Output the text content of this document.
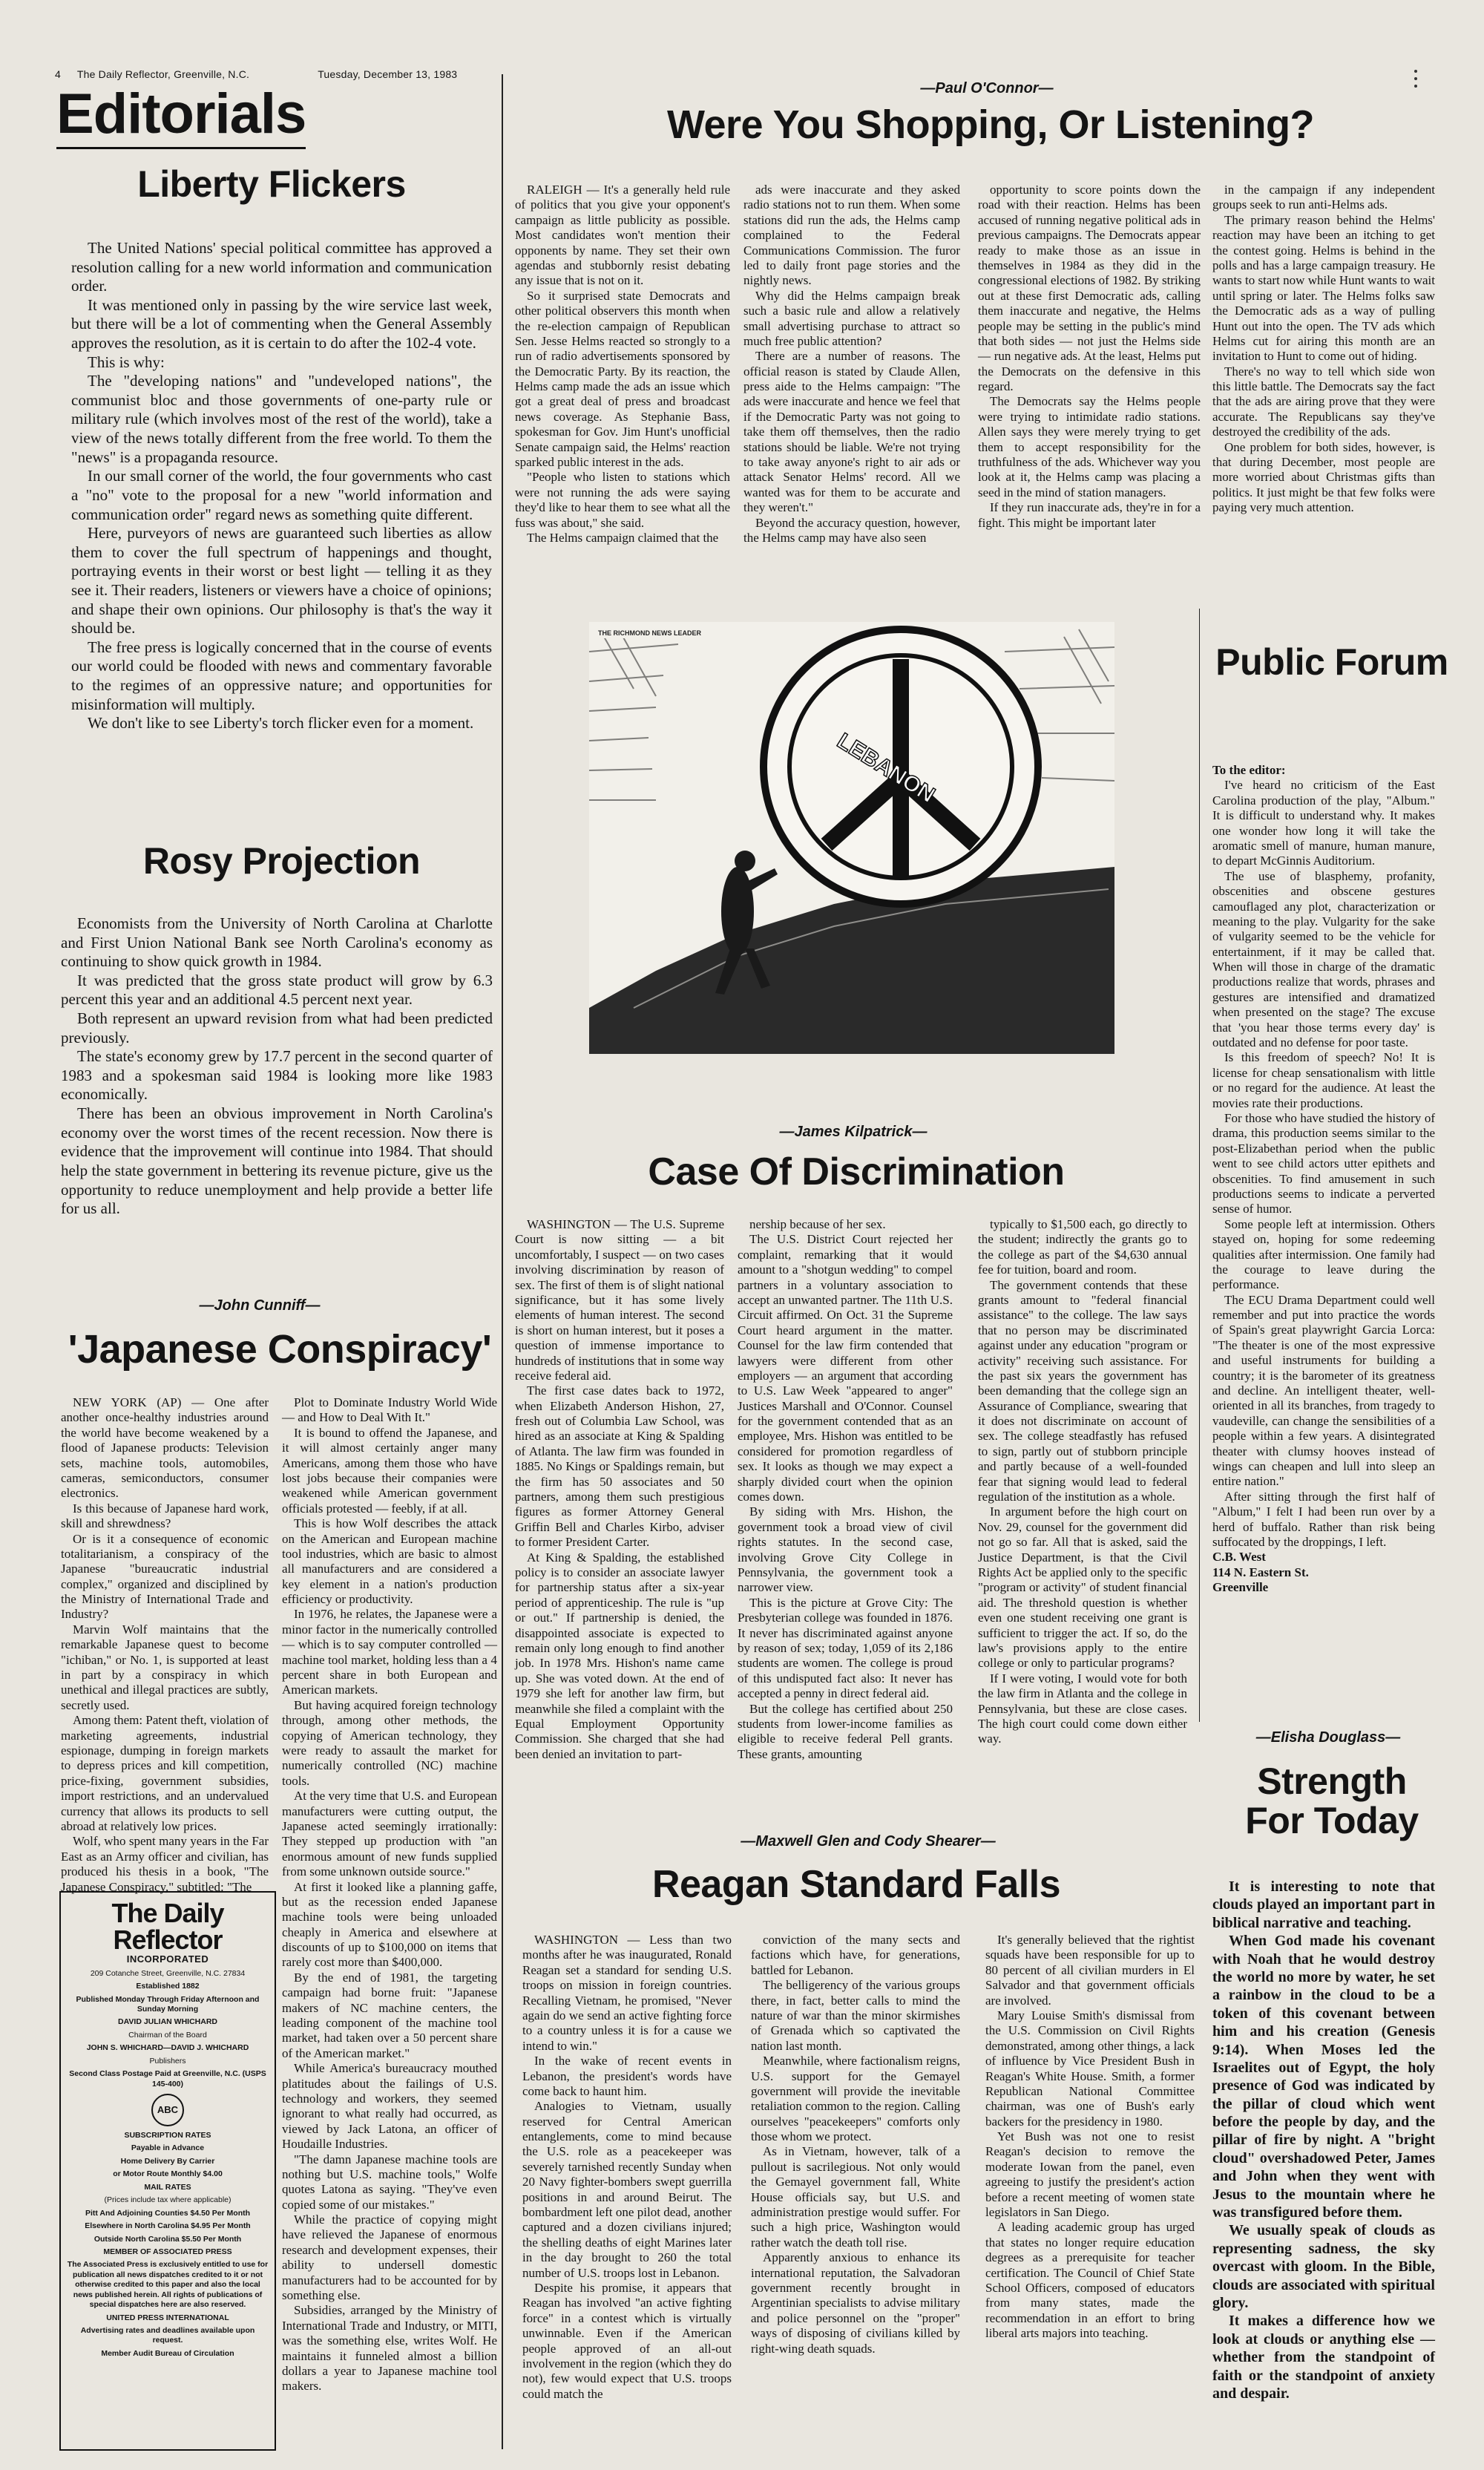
4 The Daily Reflector, Greenville, N.C.	Tuesday, December 13, 1983
Editorials
Liberty Flickers

The United Nations' special political committee has approved a resolution calling for a new world information and communication order.

It was mentioned only in passing by the wire service last week, but there will be a lot of commenting when the General Assembly approves the resolution, as it is certain to do after the 102-4 vote.

This is why:

The "developing nations" and "undeveloped nations", the communist bloc and those governments of one-party rule or military rule (which involves most of the rest of the world), take a view of the news totally different from the free world. To them the "news" is a propaganda resource.

In our small corner of the world, the four governments who cast a "no" vote to the proposal for a new "world information and communication order" regard news as something quite different.

Here, purveyors of news are guaranteed such liberties as allow them to cover the full spectrum of happenings and thought, portraying events in their worst or best light — telling it as they see it. Their readers, listeners or viewers have a choice of opinions; and shape their own opinions. Our philosophy is that's the way it should be.

The free press is logically concerned that in the course of events our world could be flooded with news and commentary favorable to the regimes of an oppressive nature; and opportunities for misinformation will multiply.

We don't like to see Liberty's torch flicker even for a moment.

Rosy Projection

Economists from the University of North Carolina at Charlotte and First Union National Bank see North Carolina's economy as continuing to show quick growth in 1984.

It was predicted that the gross state product will grow by 6.3 percent this year and an additional 4.5 percent next year.

Both represent an upward revision from what had been predicted previously.

The state's economy grew by 17.7 percent in the second quarter of 1983 and a spokesman said 1984 is looking more like 1983 economically.

There has been an obvious improvement in North Carolina's economy over the worst times of the recent recession. Now there is evidence that the improvement will continue into 1984. That should help the state government in bettering its revenue picture, give us the opportunity to reduce unemployment and help provide a better life for us all.

—Paul O'Connor—
Were You Shopping, Or Listening?

RALEIGH — It's a generally held rule of politics that you give your opponent's campaign as little publicity as possible. Most candidates won't mention their opponents by name. They set their own agendas and stubbornly resist debating any issue that is not on it.

So it surprised state Democrats and other political observers this month when the re-election campaign of Republican Sen. Jesse Helms reacted so strongly to a run of radio advertisements sponsored by the Democratic Party. By its reaction, the Helms camp made the ads an issue which got a great deal of press and broadcast news coverage. As Stephanie Bass, spokesman for Gov. Jim Hunt's unofficial Senate campaign said, the Helms' reaction sparked public interest in the ads.

"People who listen to stations which were not running the ads were saying they'd like to hear them to see what all the fuss was about," she said.

The Helms campaign claimed that the

ads were inaccurate and they asked radio stations not to run them. When some stations did run the ads, the Helms camp complained to the Federal Communications Commission. The furor led to daily front page stories and the nightly news.

Why did the Helms campaign break such a basic rule and allow a relatively small advertising purchase to attract so much free public attention?

There are a number of reasons. The official reason is stated by Claude Allen, press aide to the Helms campaign: "The ads were inaccurate and hence we feel that if the Democratic Party was not going to take them off themselves, then the radio stations should be liable. We're not trying to take away anyone's right to air ads or attack Senator Helms' record. All we wanted was for them to be accurate and they weren't."

Beyond the accuracy question, however, the Helms camp may have also seen

opportunity to score points down the road with their reaction. Helms has been accused of running negative political ads in previous campaigns. The Democrats appear ready to make those as an issue in themselves in 1984 as they did in the congressional elections of 1982. By striking out at these first Democratic ads, calling them inaccurate and negative, the Helms people may be setting in the public's mind that both sides — not just the Helms side — run negative ads. At the least, Helms put the Democrats on the defensive in this regard.

The Democrats say the Helms people were trying to intimidate radio stations. Allen says they were merely trying to get them to accept responsibility for the truthfulness of the ads. Whichever way you look at it, the Helms camp was placing a seed in the mind of station managers.

If they run inaccurate ads, they're in for a fight. This might be important later

in the campaign if any independent groups seek to run anti-Helms ads.

The primary reason behind the Helms' reaction may have been an itching to get the contest going. Helms is behind in the polls and has a large campaign treasury. He wants to start now while Hunt wants to wait until spring or later. The Helms folks saw the Democratic ads as a way of pulling Hunt out into the open. The TV ads which Helms cut for airing this month are an invitation to Hunt to come out of hiding.

There's no way to tell which side won this little battle. The Democrats say the fact that the ads are airing prove that they were accurate. The Republicans say they've destroyed the credibility of the ads.

One problem for both sides, however, is that during December, most people are more worried about Christmas gifts than politics. It just might be that few folks were paying very much attention.

LEBANON
THE RICHMOND NEWS LEADER
Public Forum

To the editor:

I've heard no criticism of the East Carolina production of the play, "Album." It is difficult to understand why. It makes one wonder how long it will take the aromatic smell of manure, human manure, to depart McGinnis Auditorium.

The use of blasphemy, profanity, obscenities and obscene gestures camouflaged any plot, characterization or meaning to the play. Vulgarity for the sake of vulgarity seemed to be the vehicle for entertainment, if it may be called that. When will those in charge of the dramatic productions realize that words, phrases and gestures are intensified and dramatized when presented on the stage? The excuse that 'you hear those terms every day' is outdated and no defense for poor taste.

Is this freedom of speech? No! It is license for cheap sensationalism with little or no regard for the audience. At least the movies rate their productions.

For those who have studied the history of drama, this production seems similar to the post-Elizabethan period when the public went to see child actors utter epithets and obscenities. To find amusement in such productions seems to indicate a perverted sense of humor.

Some people left at intermission. Others stayed on, hoping for some redeeming qualities after intermission. One family had the courage to leave during the performance.

The ECU Drama Department could well remember and put into practice the words of Spain's great playwright Garcia Lorca: "The theater is one of the most expressive and useful instruments for building a country; it is the barometer of its greatness and decline. An intelligent theater, well-oriented in all its branches, from tragedy to vaudeville, can change the sensibilities of a people within a few years. A disintegrated theater with clumsy hooves instead of wings can cheapen and lull into sleep an entire nation."

After sitting through the first half of "Album," I felt I had been run over by a herd of buffalo. Rather than risk being suffocated by the droppings, I left.

C.B. West

114 N. Eastern St.

Greenville

—James Kilpatrick—
Case Of Discrimination

WASHINGTON — The U.S. Supreme Court is now sitting — a bit uncomfortably, I suspect — on two cases involving discrimination by reason of sex. The first of them is of slight national significance, but it has some lively elements of human interest. The second is short on human interest, but it poses a question of immense importance to hundreds of institutions that in some way receive federal aid.

The first case dates back to 1972, when Elizabeth Anderson Hishon, 27, fresh out of Columbia Law School, was hired as an associate at King & Spalding of Atlanta. The law firm was founded in 1885. No Kings or Spaldings remain, but the firm has 50 associates and 50 partners, among them such prestigious figures as former Attorney General Griffin Bell and Charles Kirbo, adviser to former President Carter.

At King & Spalding, the established policy is to consider an associate lawyer for partnership status after a six-year period of apprenticeship. The rule is "up or out." If partnership is denied, the disappointed associate is expected to remain only long enough to find another job. In 1978 Mrs. Hishon's name came up. She was voted down. At the end of 1979 she left for another law firm, but meanwhile she filed a complaint with the Equal Employment Opportunity Commission. She charged that she had been denied an invitation to part-

nership because of her sex.

The U.S. District Court rejected her complaint, remarking that it would amount to a "shotgun wedding" to compel partners in a voluntary association to accept an unwanted partner. The 11th U.S. Circuit affirmed. On Oct. 31 the Supreme Court heard argument in the matter. Counsel for the law firm contended that lawyers were different from other employers — an argument that according to U.S. Law Week "appeared to anger" Justices Marshall and O'Connor. Counsel for the government contended that as an employee, Mrs. Hishon was entitled to be considered for promotion regardless of sex. It looks as though we may expect a sharply divided court when the opinion comes down.

By siding with Mrs. Hishon, the government took a broad view of civil rights statutes. In the second case, involving Grove City College in Pennsylvania, the government took a narrower view.

This is the picture at Grove City: The Presbyterian college was founded in 1876. It never has discriminated against anyone by reason of sex; today, 1,059 of its 2,186 students are women. The college is proud of this undisputed fact also: It never has accepted a penny in direct federal aid.

But the college has certified about 250 students from lower-income families as eligible to receive federal Pell grants. These grants, amounting

typically to $1,500 each, go directly to the student; indirectly the grants go to the college as part of the $4,630 annual fee for tuition, board and room.

The government contends that these grants amount to "federal financial assistance" to the college. The law says that no person may be discriminated against under any education "program or activity" receiving such assistance. For the past six years the government has been demanding that the college sign an Assurance of Compliance, swearing that it does not discriminate on account of sex. The college steadfastly has refused to sign, partly out of stubborn principle and partly because of a well-founded fear that signing would lead to federal regulation of the institution as a whole.

In argument before the high court on Nov. 29, counsel for the government did not go so far. All that is asked, said the Justice Department, is that the Civil Rights Act be applied only to the specific "program or activity" of student financial aid. The threshold question is whether even one student receiving one grant is sufficient to trigger the act. If so, do the law's provisions apply to the entire college or only to particular programs?

If I were voting, I would vote for both the law firm in Atlanta and the college in Pennsylvania, but these are close cases. The high court could come down either way.

—John Cunniff—
'Japanese Conspiracy'

NEW YORK (AP) — One after another once-healthy industries around the world have become weakened by a flood of Japanese products: Television sets, machine tools, automobiles, cameras, semiconductors, consumer electronics.

Is this because of Japanese hard work, skill and shrewdness?

Or is it a consequence of economic totalitarianism, a conspiracy of the Japanese "bureaucratic industrial complex," organized and disciplined by the Ministry of International Trade and Industry?

Marvin Wolf maintains that the remarkable Japanese quest to become "ichiban," or No. 1, is supported at least in part by a conspiracy in which unethical and illegal practices are subtly, secretly used.

Among them: Patent theft, violation of marketing agreements, industrial espionage, dumping in foreign markets to depress prices and kill competition, price-fixing, government subsidies, import restrictions, and an undervalued currency that allows its products to sell abroad at relatively low prices.

Wolf, who spent many years in the Far East as an Army officer and civilian, has produced his thesis in a book, "The Japanese Conspiracy," subtitled: "The

Plot to Dominate Industry World Wide — and How to Deal With It."

It is bound to offend the Japanese, and it will almost certainly anger many Americans, among them those who have lost jobs because their companies were weakened while American government officials protested — feebly, if at all.

This is how Wolf describes the attack on the American and European machine tool industries, which are basic to almost all manufacturers and are considered a key element in a nation's production efficiency or productivity.

In 1976, he relates, the Japanese were a minor factor in the numerically controlled — which is to say computer controlled — machine tool market, holding less than a 4 percent share in both European and American markets.

But having acquired foreign technology through, among other methods, the copying of American technology, they were ready to assault the market for numerically controlled (NC) machine tools.

At the very time that U.S. and European manufacturers were cutting output, the Japanese acted seemingly irrationally: They stepped up production with "an enormous amount of new funds supplied from some unknown outside source."

At first it looked like a planning gaffe, but as the recession ended Japanese machine tools were being unloaded cheaply in America and elsewhere at discounts of up to $100,000 on items that rarely cost more than $400,000.

By the end of 1981, the targeting campaign had borne fruit: "Japanese makers of NC machine centers, the leading component of the machine tool market, had taken over a 50 percent share of the American market."

While America's bureaucracy mouthed platitudes about the failings of U.S. technology and workers, they seemed ignorant to what really had occurred, as viewed by Jack Latona, an officer of Houdaille Industries.

"The damn Japanese machine tools are nothing but U.S. machine tools," Wolfe quotes Latona as saying. "They've even copied some of our mistakes."

While the practice of copying might have relieved the Japanese of enormous research and development expenses, their ability to undersell domestic manufacturers had to be accounted for by something else.

Subsidies, arranged by the Ministry of International Trade and Industry, or MITI, was the something else, writes Wolf. He maintains it funneled almost a billion dollars a year to Japanese machine tool makers.

The Daily Reflector
INCORPORATED

209 Cotanche Street, Greenville, N.C. 27834

Established 1882

Published Monday Through Friday Afternoon and Sunday Morning

DAVID JULIAN WHICHARD

Chairman of the Board

JOHN S. WHICHARD—DAVID J. WHICHARD

Publishers

Second Class Postage Paid at Greenville, N.C. (USPS 145-400)

ABC

SUBSCRIPTION RATES

Payable in Advance

Home Delivery By Carrier

or Motor Route Monthly $4.00

MAIL RATES

(Prices include tax where applicable)

Pitt And Adjoining Counties $4.50 Per Month

Elsewhere in North Carolina $4.95 Per Month

Outside North Carolina $5.50 Per Month

MEMBER OF ASSOCIATED PRESS

The Associated Press is exclusively entitled to use for publication all news dispatches credited to it or not otherwise credited to this paper and also the local news published herein. All rights of publications of special dispatches here are also reserved.

UNITED PRESS INTERNATIONAL

Advertising rates and deadlines available upon request.

Member Audit Bureau of Circulation

—Elisha Douglass—
Strength
For Today

It is interesting to note that clouds played an important part in biblical narrative and teaching.

When God made his covenant with Noah that he would destroy the world no more by water, he set a rainbow in the cloud to be a token of this covenant between him and his creation (Genesis 9:14). When Moses led the Israelites out of Egypt, the holy presence of God was indicated by the pillar of cloud which went before the people by day, and the pillar of fire by night. A "bright cloud" overshadowed Peter, James and John when they went with Jesus to the mountain where he was transfigured before them.

We usually speak of clouds as representing sadness, the sky overcast with gloom. In the Bible, clouds are associated with spiritual glory.

It makes a difference how we look at clouds or anything else — whether from the standpoint of faith or the standpoint of anxiety and despair.

—Maxwell Glen and Cody Shearer—
Reagan Standard Falls

WASHINGTON — Less than two months after he was inaugurated, Ronald Reagan set a standard for sending U.S. troops on mission in foreign countries. Recalling Vietnam, he promised, "Never again do we send an active fighting force to a country unless it is for a cause we intend to win."

In the wake of recent events in Lebanon, the president's words have come back to haunt him.

Analogies to Vietnam, usually reserved for Central American entanglements, come to mind because the U.S. role as a peacekeeper was severely tarnished recently Sunday when 20 Navy fighter-bombers swept guerrilla positions in and around Beirut. The bombardment left one pilot dead, another captured and a dozen civilians injured; the shelling deaths of eight Marines later in the day brought to 260 the total number of U.S. troops lost in Lebanon.

Despite his promise, it appears that Reagan has involved "an active fighting force" in a contest which is virtually unwinnable. Even if the American people approved of an all-out involvement in the region (which they do not), few would expect that U.S. troops could match the

conviction of the many sects and factions which have, for generations, battled for Lebanon.

The belligerency of the various groups there, in fact, better calls to mind the nature of war than the minor skirmishes of Grenada which so captivated the nation last month.

Meanwhile, where factionalism reigns, U.S. support for the Gemayel government will provide the inevitable retaliation common to the region. Calling ourselves "peacekeepers" comforts only those whom we protect.

As in Vietnam, however, talk of a pullout is sacrilegious. Not only would the Gemayel government fall, White House officials say, but U.S. and administration prestige would suffer. For such a high price, Washington would rather watch the death toll rise.

Apparently anxious to enhance its international reputation, the Salvadoran government recently brought in Argentinian specialists to advise military and police personnel on the "proper" ways of disposing of civilians killed by right-wing death squads.

It's generally believed that the rightist squads have been responsible for up to 80 percent of all civilian murders in El Salvador and that government officials are involved.

Mary Louise Smith's dismissal from the U.S. Commission on Civil Rights demonstrated, among other things, a lack of influence by Vice President Bush in Reagan's White House. Smith, a former Republican National Committee chairman, was one of Bush's early backers for the presidency in 1980.

Yet Bush was not one to resist Reagan's decision to remove the moderate Iowan from the panel, even agreeing to justify the president's action before a recent meeting of women state legislators in San Diego.

A leading academic group has urged that states no longer require education degrees as a prerequisite for teacher certification. The Council of Chief State School Officers, composed of educators from many states, made the recommendation in an effort to bring liberal arts majors into teaching.
